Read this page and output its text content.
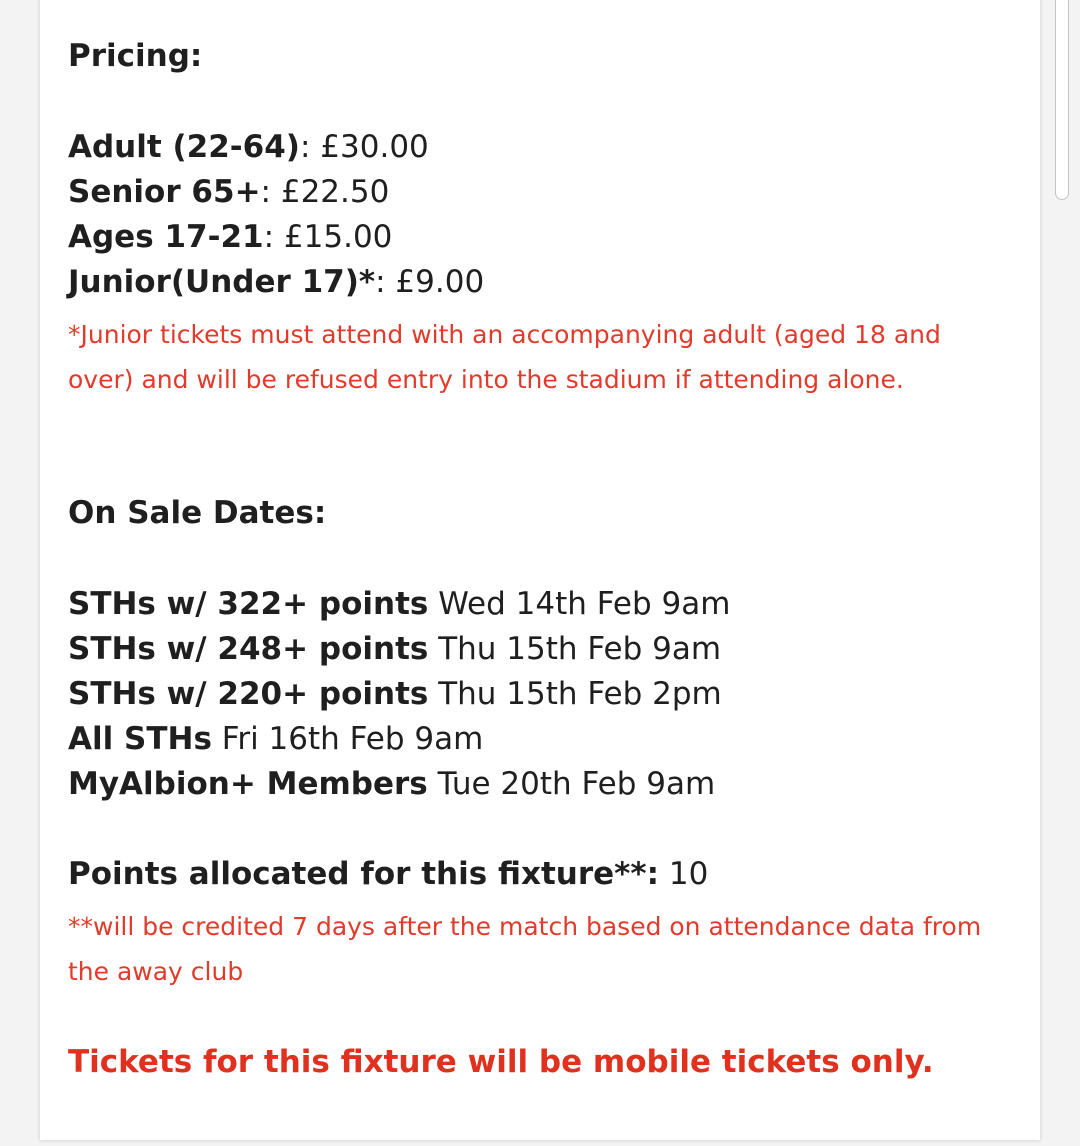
Pricing:
Adult (22-64): £30.00
Senior 65+: £22.50
Ages 17-21: £15.00
Junior(Under 17)*: £9.00
*Junior tickets must attend with an accompanying adult (aged 18 and over) and will be refused entry into the stadium if attending alone.
On Sale Dates:
STHs w/ 322+ points Wed 14th Feb 9am
STHs w/ 248+ points Thu 15th Feb 9am
STHs w/ 220+ points Thu 15th Feb 2pm
All STHs Fri 16th Feb 9am
MyAlbion+ Members Tue 20th Feb 9am
Points allocated for this fixture**: 10
**will be credited 7 days after the match based on attendance data from the away club
Tickets for this fixture will be mobile tickets only.
